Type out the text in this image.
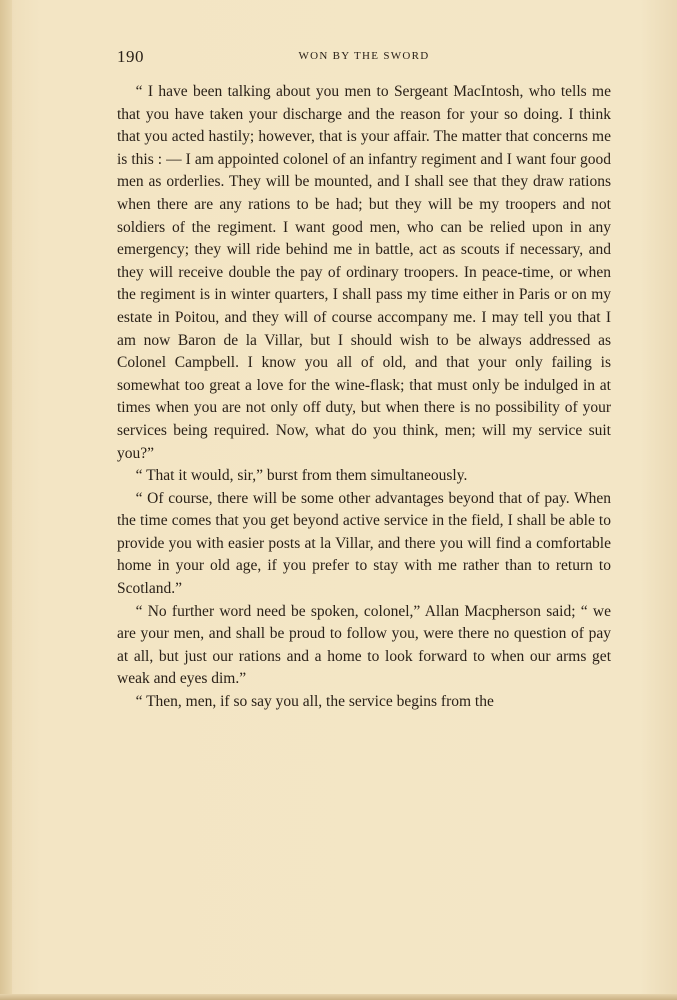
190	WON BY THE SWORD

“ I have been talking about you men to Sergeant MacIntosh, who tells me that you have taken your discharge and the reason for your so doing. I think that you acted hastily; however, that is your affair. The matter that concerns me is this : — I am appointed colonel of an infantry regiment and I want four good men as orderlies. They will be mounted, and I shall see that they draw rations when there are any rations to be had; but they will be my troopers and not soldiers of the regiment. I want good men, who can be relied upon in any emergency; they will ride behind me in battle, act as scouts if necessary, and they will receive double the pay of ordinary troopers. In peace-time, or when the regiment is in winter quarters, I shall pass my time either in Paris or on my estate in Poitou, and they will of course accompany me. I may tell you that I am now Baron de la Villar, but I should wish to be always addressed as Colonel Campbell. I know you all of old, and that your only failing is somewhat too great a love for the wine-flask; that must only be indulged in at times when you are not only off duty, but when there is no possibility of your services being required. Now, what do you think, men; will my service suit you?”

“ That it would, sir,” burst from them simultaneously.

“ Of course, there will be some other advantages beyond that of pay. When the time comes that you get beyond active service in the field, I shall be able to provide you with easier posts at la Villar, and there you will find a comfortable home in your old age, if you prefer to stay with me rather than to return to Scotland.”

“ No further word need be spoken, colonel,” Allan Macpherson said; “ we are your men, and shall be proud to follow you, were there no question of pay at all, but just our rations and a home to look forward to when our arms get weak and eyes dim.”

“ Then, men, if so say you all, the service begins from the
